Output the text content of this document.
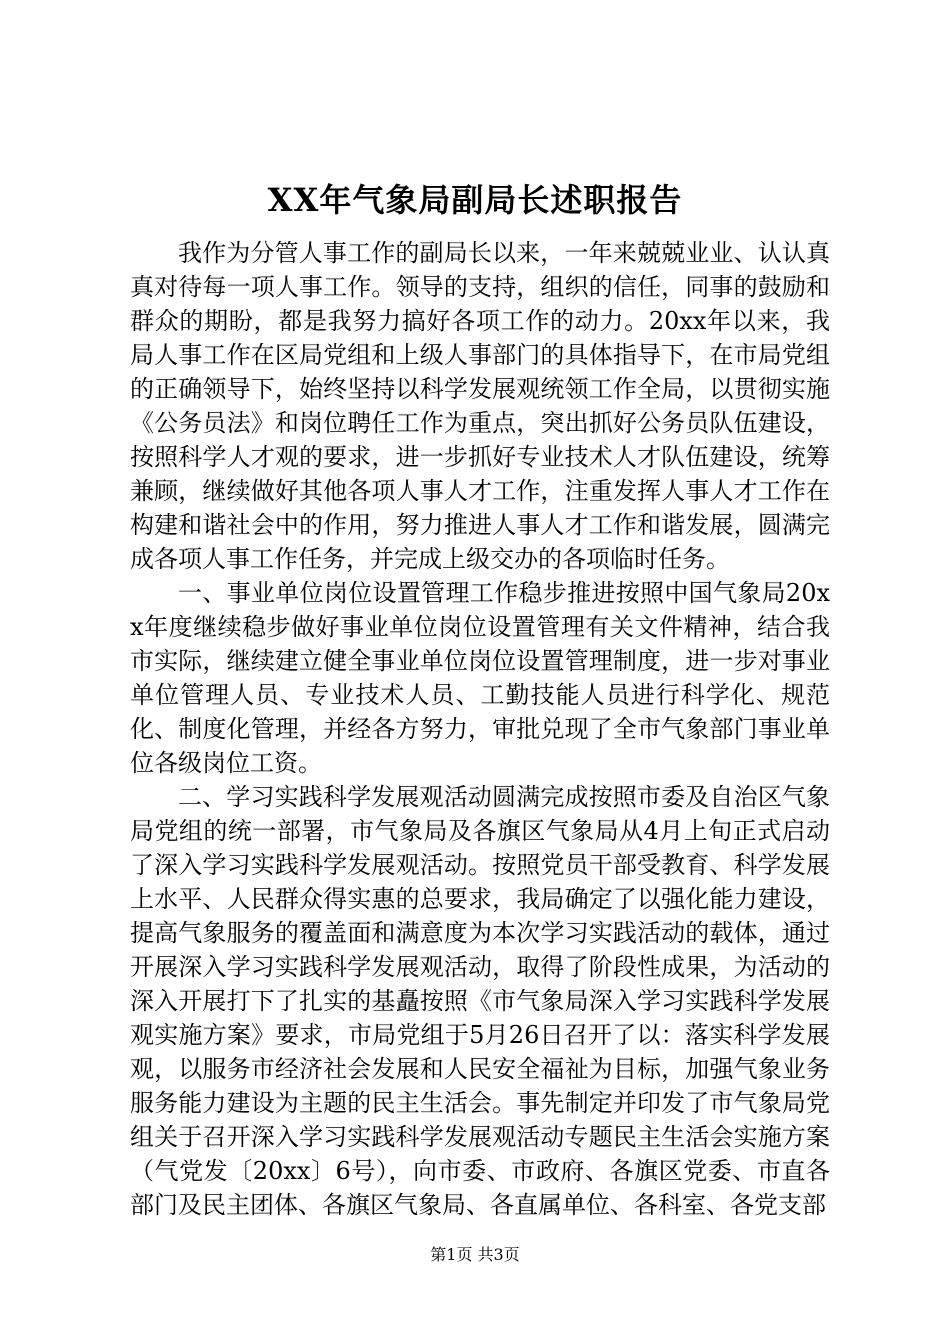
XX年气象局副局长述职报告

我作为分管人事工作的副局长以来，一年来兢兢业业、认认真真对待每一项人事工作。领导的支持，组织的信任，同事的鼓励和群众的期盼，都是我努力搞好各项工作的动力。20xx年以来，我局人事工作在区局党组和上级人事部门的具体指导下，在市局党组的正确领导下，始终坚持以科学发展观统领工作全局，以贯彻实施《公务员法》和岗位聘任工作为重点，突出抓好公务员队伍建设，按照科学人才观的要求，进一步抓好专业技术人才队伍建设，统筹兼顾，继续做好其他各项人事人才工作，注重发挥人事人才工作在构建和谐社会中的作用，努力推进人事人才工作和谐发展，圆满完成各项人事工作任务，并完成上级交办的各项临时任务。

一、事业单位岗位设置管理工作稳步推进按照中国气象局20xx年度继续稳步做好事业单位岗位设置管理有关文件精神，结合我市实际，继续建立健全事业单位岗位设置管理制度，进一步对事业单位管理人员、专业技术人员、工勤技能人员进行科学化、规范化、制度化管理，并经各方努力，审批兑现了全市气象部门事业单位各级岗位工资。

二、学习实践科学发展观活动圆满完成按照市委及自治区气象局党组的统一部署，市气象局及各旗区气象局从4月上旬正式启动了深入学习实践科学发展观活动。按照党员干部受教育、科学发展上水平、人民群众得实惠的总要求，我局确定了以强化能力建设，提高气象服务的覆盖面和满意度为本次学习实践活动的载体，通过开展深入学习实践科学发展观活动，取得了阶段性成果，为活动的深入开展打下了扎实的基矗按照《市气象局深入学习实践科学发展观实施方案》要求，市局党组于5月26日召开了以：落实科学发展观，以服务市经济社会发展和人民安全福祉为目标，加强气象业务服务能力建设为主题的民主生活会。事先制定并印发了市气象局党组关于召开深入学习实践科学发展观活动专题民主生活会实施方案（气党发〔20xx〕6号），向市委、市政府、各旗区党委、市直各部门及民主团体、各旗区气象局、各直属单位、各科室、各党支部

第1页 共3页
